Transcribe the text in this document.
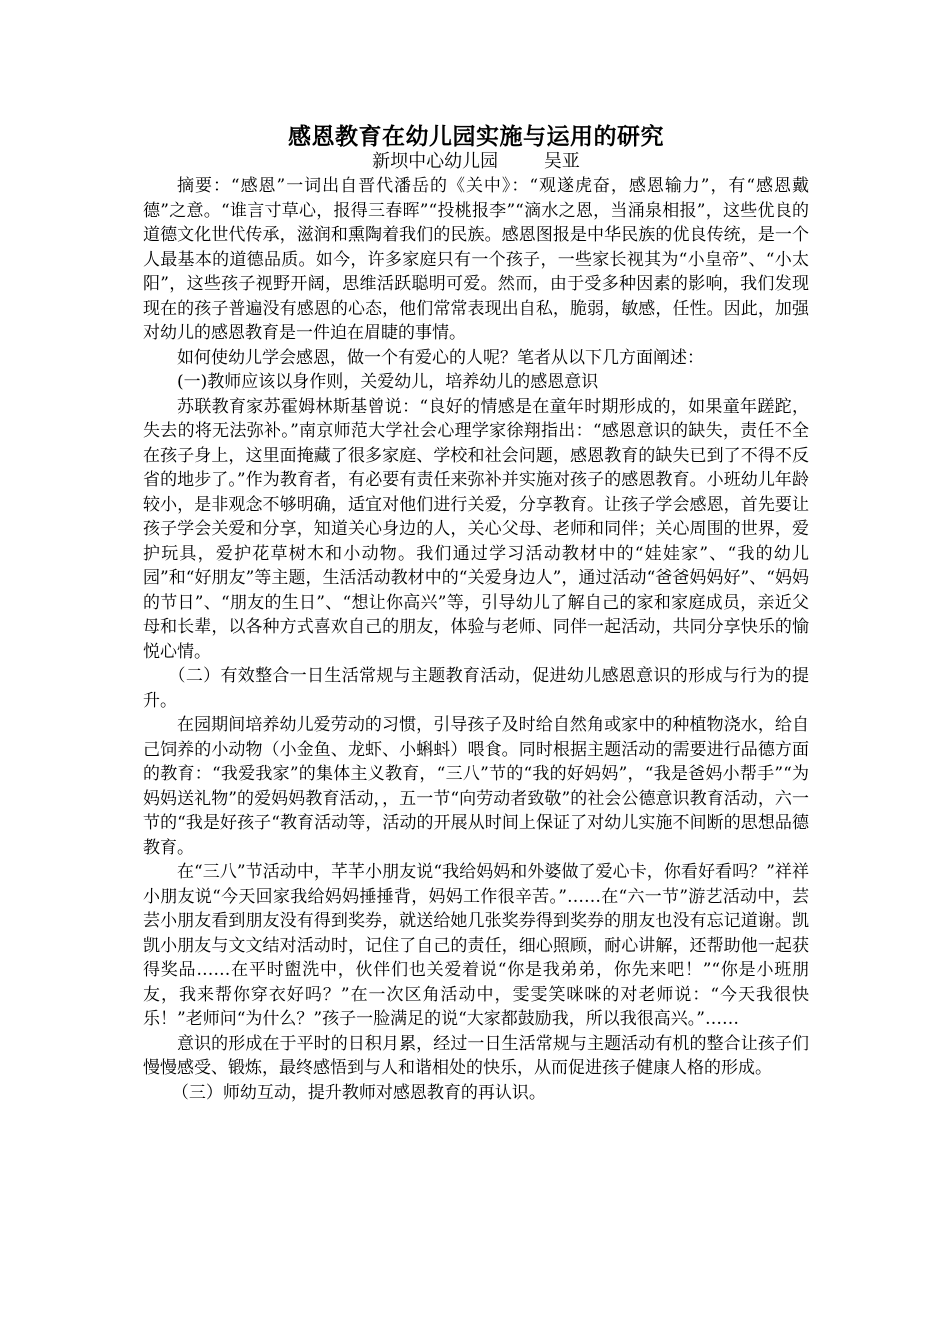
感恩教育在幼儿园实施与运用的研究

新坝中心幼儿园        吴亚

摘要：“感恩”一词出自晋代潘岳的《关中》：“观遂虎奋，感恩输力”，有“感恩戴德”之意。“谁言寸草心，报得三春晖”“投桃报李”“滴水之恩，当涌泉相报”，这些优良的道德文化世代传承，滋润和熏陶着我们的民族。感恩图报是中华民族的优良传统，是一个人最基本的道德品质。如今，许多家庭只有一个孩子，一些家长视其为“小皇帝”、“小太阳”，这些孩子视野开阔，思维活跃聪明可爱。然而，由于受多种因素的影响，我们发现现在的孩子普遍没有感恩的心态，他们常常表现出自私，脆弱，敏感，任性。因此，加强对幼儿的感恩教育是一件迫在眉睫的事情。

如何使幼儿学会感恩，做一个有爱心的人呢？笔者从以下几方面阐述：

(一)教师应该以身作则，关爱幼儿，培养幼儿的感恩意识

苏联教育家苏霍姆林斯基曾说：“良好的情感是在童年时期形成的，如果童年蹉跎，失去的将无法弥补。”南京师范大学社会心理学家徐翔指出：“感恩意识的缺失，责任不全在孩子身上，这里面掩藏了很多家庭、学校和社会问题，感恩教育的缺失已到了不得不反省的地步了。”作为教育者，有必要有责任来弥补并实施对孩子的感恩教育。小班幼儿年龄较小，是非观念不够明确，适宜对他们进行关爱，分享教育。让孩子学会感恩，首先要让孩子学会关爱和分享，知道关心身边的人，关心父母、老师和同伴；关心周围的世界，爱护玩具，爱护花草树木和小动物。我们通过学习活动教材中的“娃娃家”、“我的幼儿园”和“好朋友”等主题，生活活动教材中的“关爱身边人”，通过活动“爸爸妈妈好”、“妈妈的节日”、“朋友的生日”、“想让你高兴”等，引导幼儿了解自己的家和家庭成员，亲近父母和长辈，以各种方式喜欢自己的朋友，体验与老师、同伴一起活动，共同分享快乐的愉悦心情。

（二）有效整合一日生活常规与主题教育活动，促进幼儿感恩意识的形成与行为的提升。

在园期间培养幼儿爱劳动的习惯，引导孩子及时给自然角或家中的种植物浇水，给自己饲养的小动物（小金鱼、龙虾、小蝌蚪）喂食。同时根据主题活动的需要进行品德方面的教育：“我爱我家”的集体主义教育，“三八”节的“我的好妈妈”，“我是爸妈小帮手”“为妈妈送礼物”的爱妈妈教育活动，，五一节“向劳动者致敬”的社会公德意识教育活动，六一节的“我是好孩子“教育活动等，活动的开展从时间上保证了对幼儿实施不间断的思想品德教育。

在“三八”节活动中，芊芊小朋友说“我给妈妈和外婆做了爱心卡，你看好看吗？”祥祥小朋友说“今天回家我给妈妈捶捶背，妈妈工作很辛苦。”……在“六一节”游艺活动中，芸芸小朋友看到朋友没有得到奖券，就送给她几张奖券得到奖券的朋友也没有忘记道谢。凯凯小朋友与文文结对活动时，记住了自己的责任，细心照顾，耐心讲解，还帮助他一起获得奖品……在平时盥洗中，伙伴们也关爱着说“你是我弟弟，你先来吧！”“你是小班朋友，我来帮你穿衣好吗？”在一次区角活动中，雯雯笑咪咪的对老师说：“今天我很快乐！”老师问“为什么？”孩子一脸满足的说“大家都鼓励我，所以我很高兴。”……

意识的形成在于平时的日积月累，经过一日生活常规与主题活动有机的整合让孩子们慢慢感受、锻炼，最终感悟到与人和谐相处的快乐，从而促进孩子健康人格的形成。

（三）师幼互动，提升教师对感恩教育的再认识。
